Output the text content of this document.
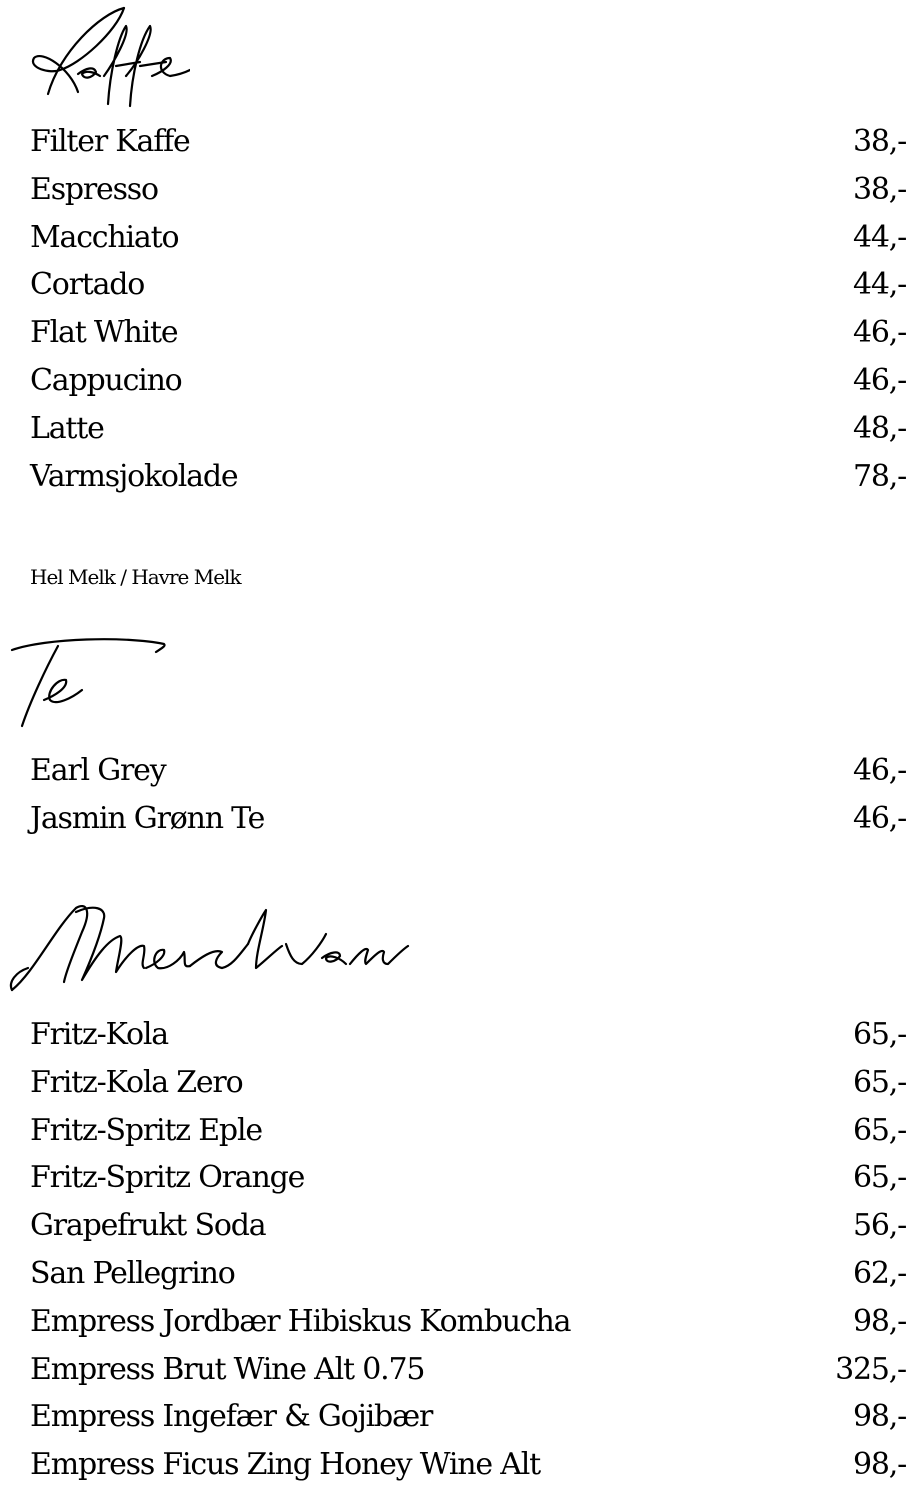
Filter Kaffe	38,-
Espresso	38,-
Macchiato	44,-
Cortado	44,-
Flat White	46,-
Cappucino	46,-
Latte	48,-
Varmsjokolade	78,-
Hel Melk / Havre Melk
Earl Grey	46,-
Jasmin Grønn Te	46,-
Fritz-Kola	65,-
Fritz-Kola Zero	65,-
Fritz-Spritz Eple	65,-
Fritz-Spritz Orange	65,-
Grapefrukt Soda	56,-
San Pellegrino	62,-
Empress Jordbær Hibiskus Kombucha	98,-
Empress Brut Wine Alt 0.75	325,-
Empress Ingefær & Gojibær	98,-
Empress Ficus Zing Honey Wine Alt	98,-
